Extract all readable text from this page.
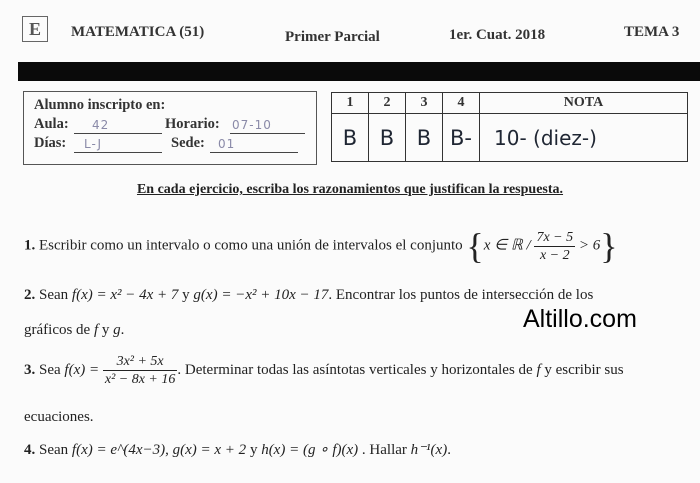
E	MATEMATICA (51)	Primer Parcial	1er. Cuat. 2018	TEMA 3
Alumno inscripto en:
Aula: 42	Horario: 07-10
Días: L-J	Sede: 01
1	2	3	4	NOTA
B	B	B	B-	10- (diez-)
En cada ejercicio, escriba los razonamientos que justifican la respuesta.
1. Escribir como un intervalo o como una unión de intervalos el conjunto {x ∈ ℝ / $\frac{7x - 5}{x - 2} > 6$}
2. Sean f(x) = x² − 4x + 7 y g(x) = −x² + 10x − 17. Encontrar los puntos de intersección de los
gráficos de f y g.
3. Sea $f(x) = \frac{\text{3x² + 5x}}{\text{x² − 8x + 16}}$ . Determinar todas las asíntotas verticales y horizontales de f y escribir sus
ecuaciones.
4. Sean f(x) = e^(4x−3), g(x) = x + 2 y h(x) = (g ∘ f)(x) . Hallar h⁻¹(x).
Altillo.com
